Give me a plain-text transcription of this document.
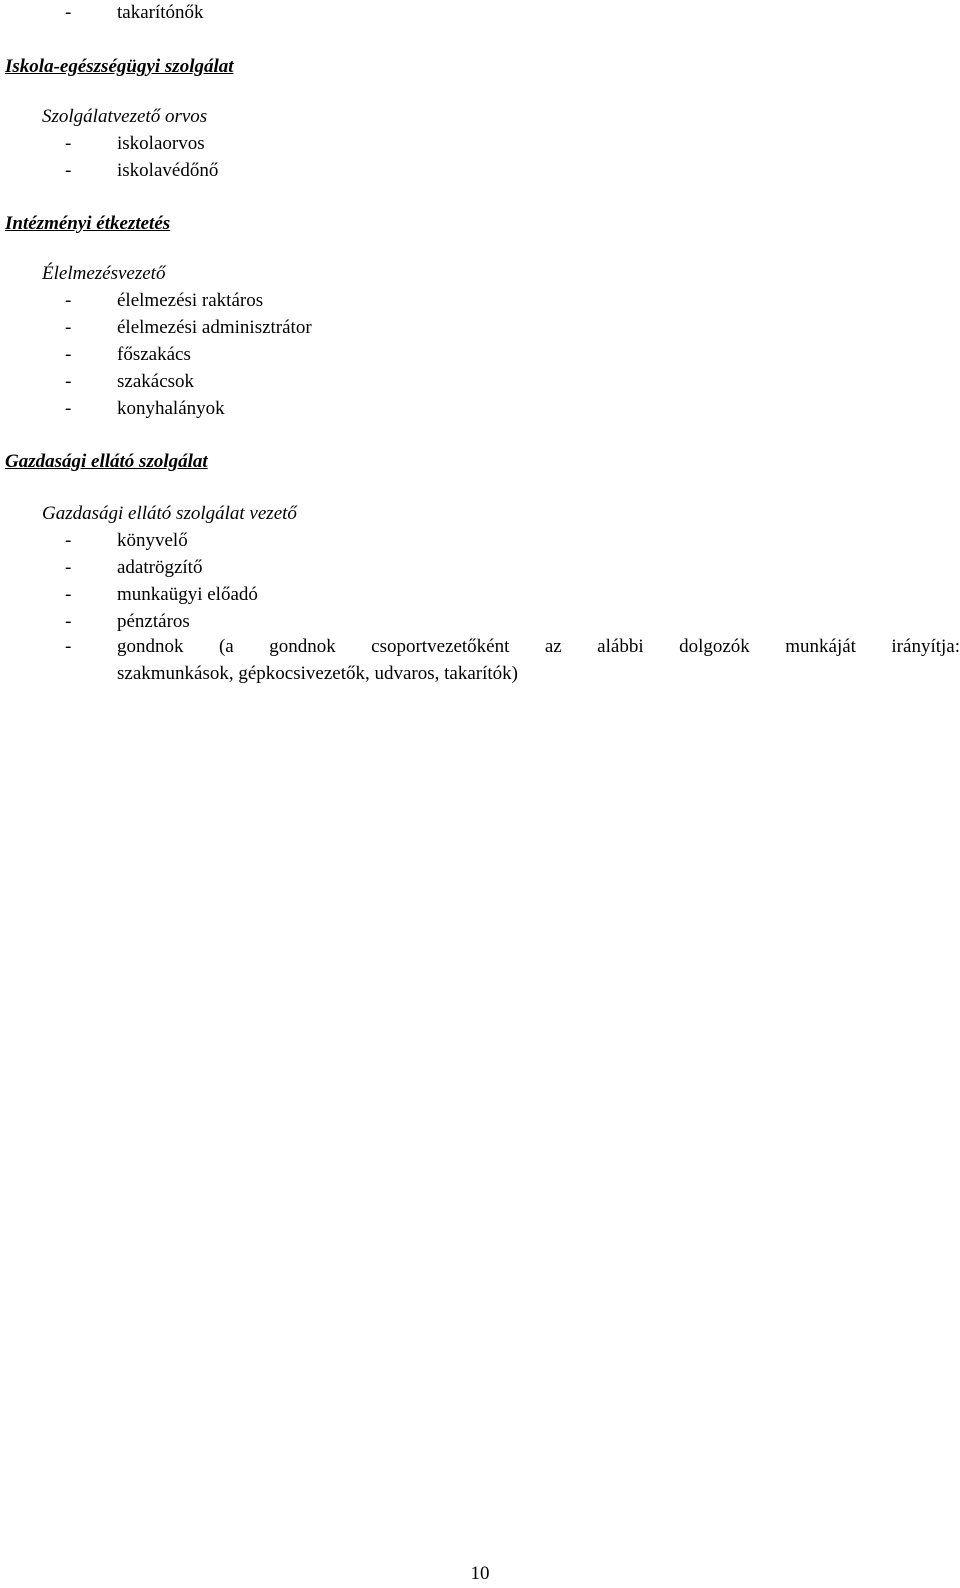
-	takarítónők
Iskola-egészségügyi szolgálat
Szolgálatvezető orvos
-	iskolaorvos
-	iskolavédőnő
Intézményi étkeztetés
Élelmezésvezető
-	élelmezési raktáros
-	élelmezési adminisztrátor
-	főszakács
-	szakácsok
-	konyhalányok
Gazdasági ellátó szolgálat
Gazdasági ellátó szolgálat vezető
-	könyvelő
-	adatrögzítő
-	munkaügyi előadó
-	pénztáros
-	gondnok (a gondnok csoportvezetőként az alábbi dolgozók munkáját irányítja:
szakmunkások, gépkocsivezetők, udvaros, takarítók)
10
